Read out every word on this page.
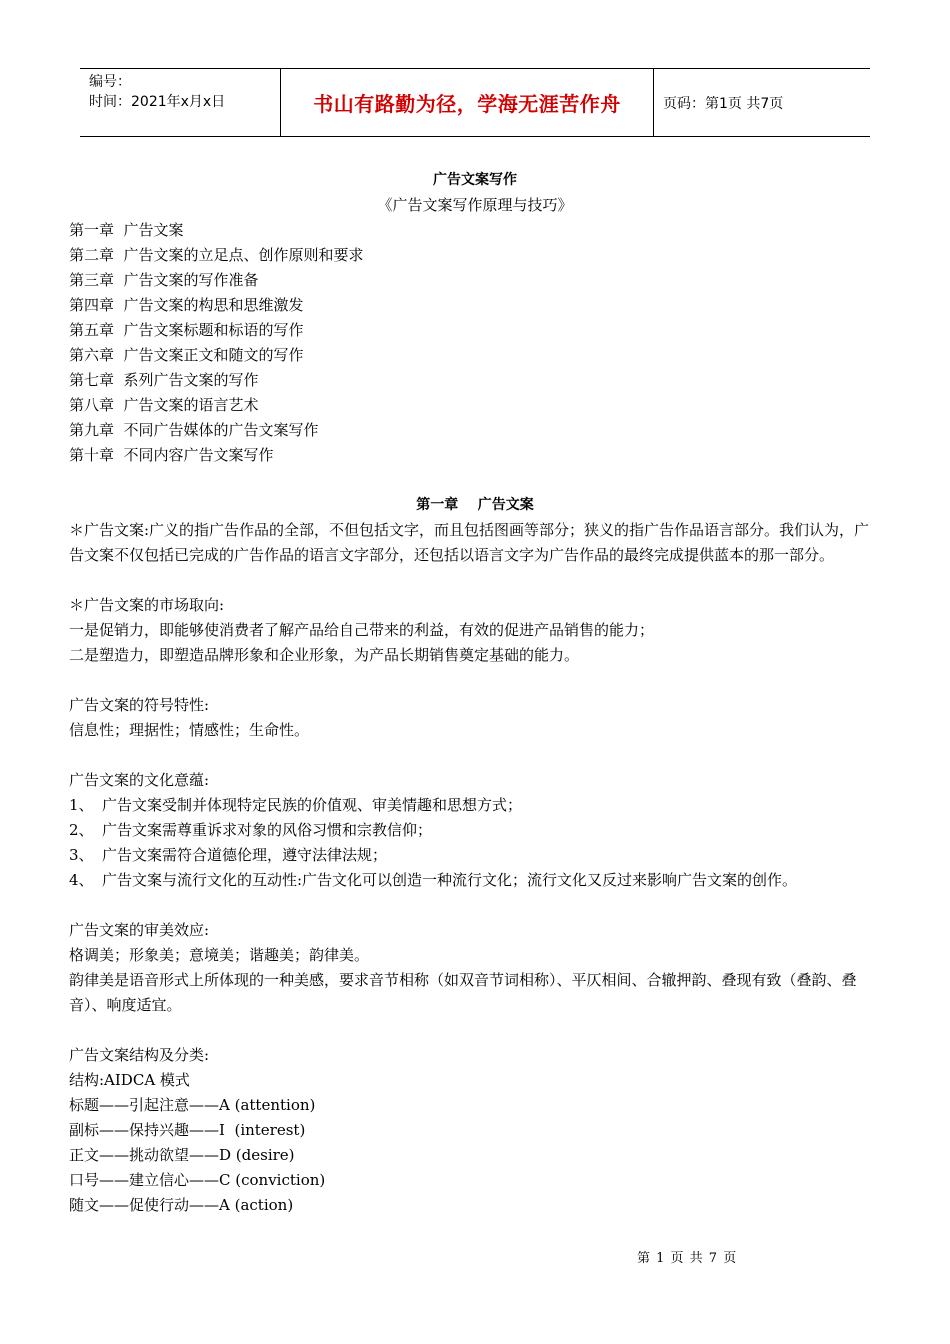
编号：
时间：2021年x月x日	书山有路勤为径，学海无涯苦作舟	页码：第1页 共7页

广告文案写作

《广告文案写作原理与技巧》

第一章  广告文案

第二章  广告文案的立足点、创作原则和要求

第三章  广告文案的写作准备

第四章  广告文案的构思和思维激发

第五章  广告文案标题和标语的写作

第六章  广告文案正文和随文的写作

第七章  系列广告文案的写作

第八章  广告文案的语言艺术

第九章  不同广告媒体的广告文案写作

第十章  不同内容广告文案写作

第一章    广告文案

＊广告文案:广义的指广告作品的全部，不但包括文字，而且包括图画等部分；狭义的指广告作品语言部分。我们认为，广告文案不仅包括已完成的广告作品的语言文字部分，还包括以语言文字为广告作品的最终完成提供蓝本的那一部分。

＊广告文案的市场取向:

一是促销力，即能够使消费者了解产品给自己带来的利益，有效的促进产品销售的能力；

二是塑造力，即塑造品牌形象和企业形象，为产品长期销售奠定基础的能力。

广告文案的符号特性:

信息性；理据性；情感性；生命性。

广告文案的文化意蕴:

1、 广告文案受制并体现特定民族的价值观、审美情趣和思想方式；
2、 广告文案需尊重诉求对象的风俗习惯和宗教信仰；
3、 广告文案需符合道德伦理，遵守法律法规；
4、 广告文案与流行文化的互动性:广告文化可以创造一种流行文化；流行文化又反过来影响广告文案的创作。

广告文案的审美效应:

格调美；形象美；意境美；谐趣美；韵律美。

韵律美是语音形式上所体现的一种美感，要求音节相称（如双音节词相称）、平仄相间、合辙押韵、叠现有致（叠韵、叠音）、响度适宜。

广告文案结构及分类:

结构:AIDCA 模式

标题——引起注意——A (attention)

副标——保持兴趣——I  (interest)

正文——挑动欲望——D (desire)

口号——建立信心——C (conviction)

随文——促使行动——A (action)

第 1 页 共 7 页
